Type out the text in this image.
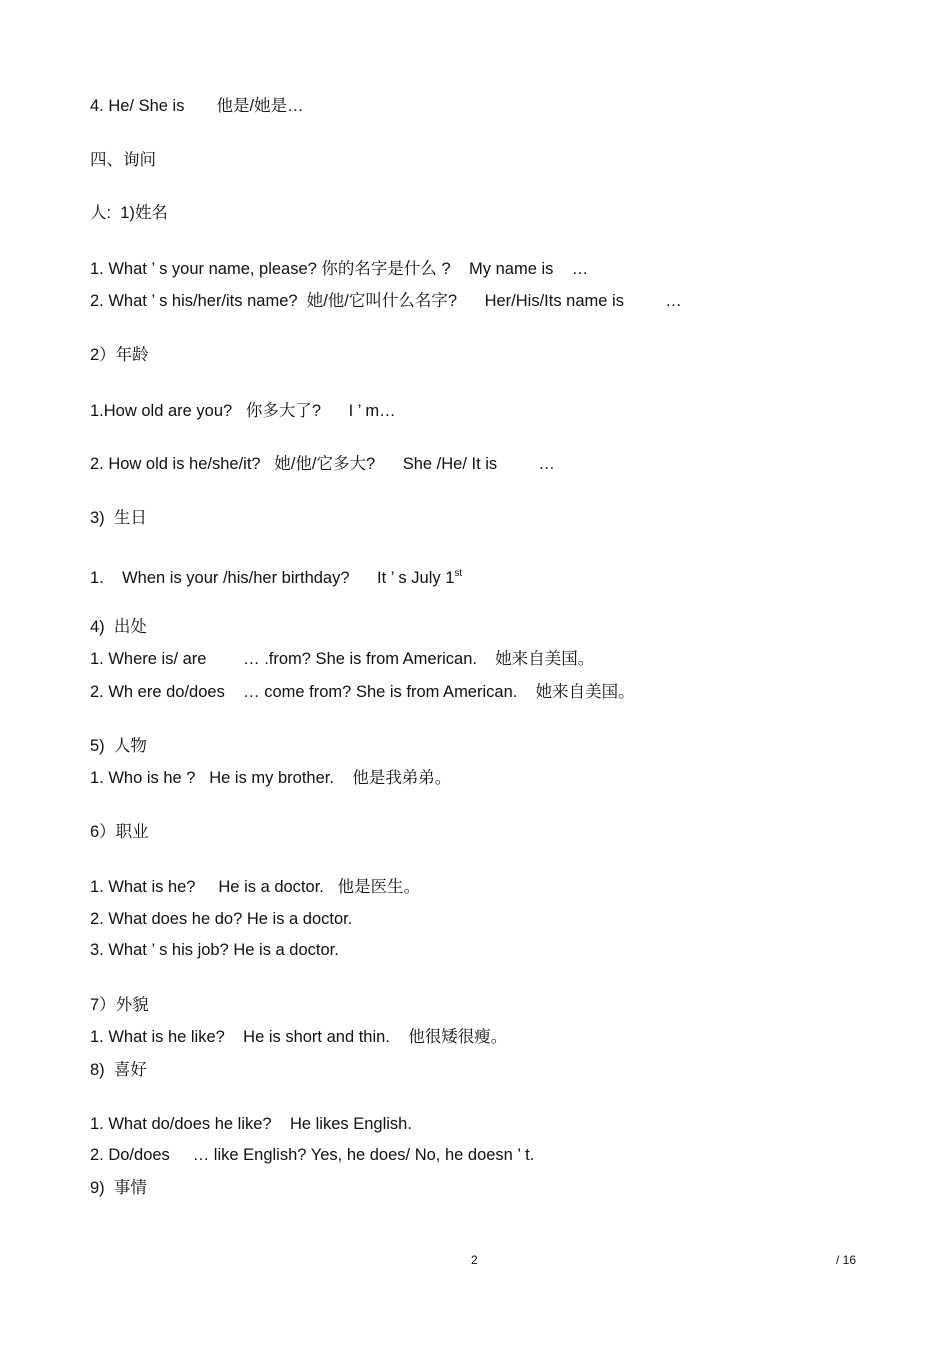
4. He/ She is       他是/她是…
四、询问
人:  1)姓名
1. What ’ s your name, please? 你的名字是什么 ?    My name is    …
2. What ’ s his/her/its name?  她/他/它叫什么名字?      Her/His/Its name is         …
2）年龄
1.How old are you?   你多大了?      I ’ m…
2. How old is he/she/it?   她/他/它多大?      She /He/ It is         …
3)  生日
1.    When is your /his/her birthday?      It ’ s July 1st
4)  出处
1. Where is/ are        … .from? She is from American.    她来自美国。
2. Wh ere do/does    … come from? She is from American.    她来自美国。
5)  人物
1. Who is he ?   He is my brother.    他是我弟弟。
6）职业
1. What is he?     He is a doctor.   他是医生。
2. What does he do? He is a doctor.
3. What ’ s his job? He is a doctor.
7）外貌
1. What is he like?    He is short and thin.    他很矮很瘦。
8)  喜好
1. What do/does he like?    He likes English.
2. Do/does     … like English? Yes, he does/ No, he doesn ’ t.
9)  事情
2	/ 16
